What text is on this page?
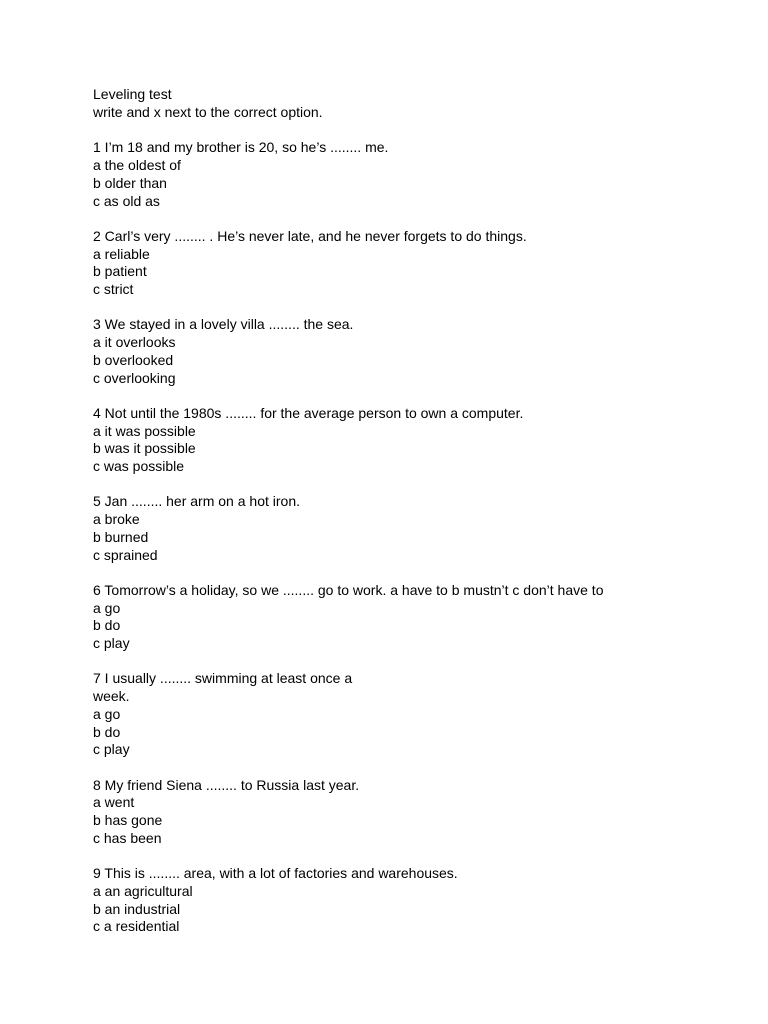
Leveling test
write and x next to the correct option.
1 I’m 18 and my brother is 20, so he’s ........ me.
a the oldest of
b older than
c as old as
2 Carl’s very ........ . He’s never late, and he never forgets to do things.
a reliable
b patient
c strict
3 We stayed in a lovely villa ........ the sea.
a it overlooks
b overlooked
c overlooking
4 Not until the 1980s ........ for the average person to own a computer.
a it was possible
b was it possible
c was possible
5 Jan ........ her arm on a hot iron.
a broke
b burned
c sprained
6 Tomorrow’s a holiday, so we ........ go to work. a have to b mustn’t c don’t have to
a go
b do
c play
7 I usually ........ swimming at least once a
week.
a go
b do
c play
8 My friend Siena ........ to Russia last year.
a went
b has gone
c has been
9 This is ........ area, with a lot of factories and warehouses.
a an agricultural
b an industrial
c a residential
